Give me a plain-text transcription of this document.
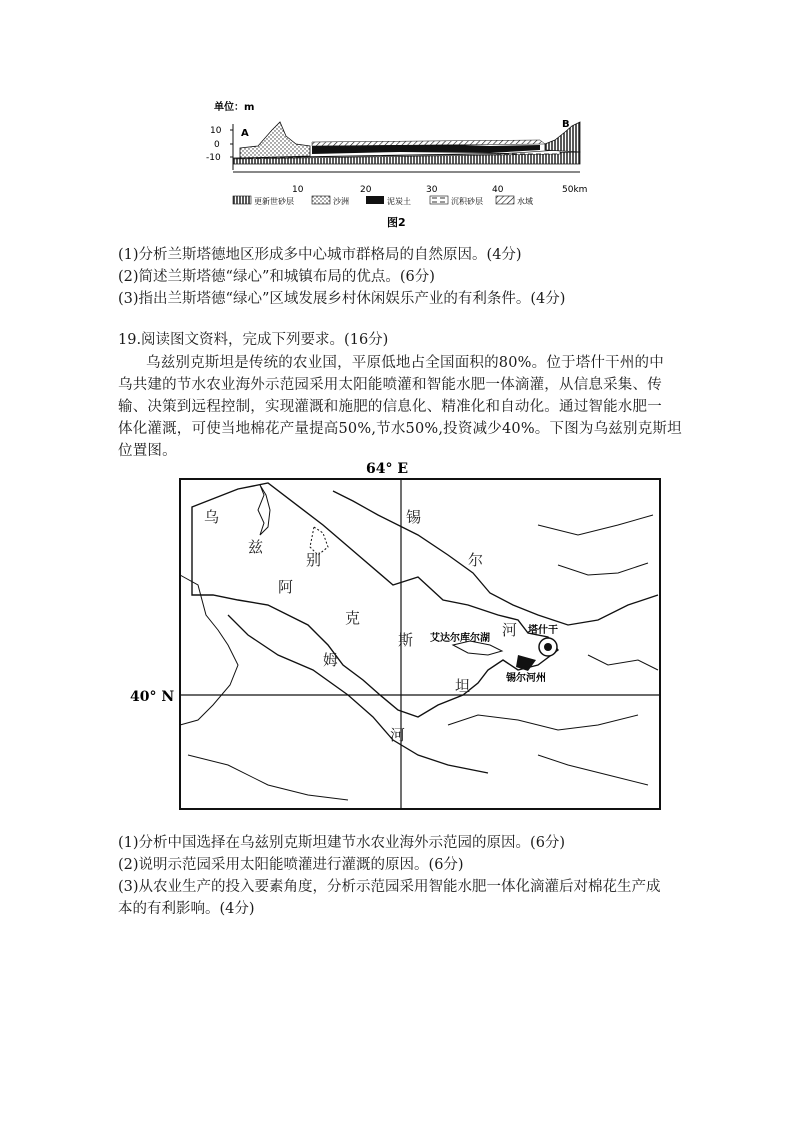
单位：m
10
0
-10
A
B
10	20	30	40	50km
更新世砂层	沙洲	泥炭土	沉积砂层	水域
图2
(1)分析兰斯塔德地区形成多中心城市群格局的自然原因。(4分)
(2)简述兰斯塔德“绿心”和城镇布局的优点。(6分)
(3)指出兰斯塔德“绿心”区域发展乡村休闲娱乐产业的有利条件。(4分)
19.阅读图文资料，完成下列要求。(16分)
乌兹别克斯坦是传统的农业国，平原低地占全国面积的80%。位于塔什干州的中
乌共建的节水农业海外示范园采用太阳能喷灌和智能水肥一体滴灌，从信息采集、传
输、决策到远程控制，实现灌溉和施肥的信息化、精准化和自动化。通过智能水肥一
体化灌溉，可使当地棉花产量提高50%,节水50%,投资减少40%。下图为乌兹别克斯坦
位置图。
64° E
40° N
乌
兹
别
阿
克
斯
姆
坦
河
锡
尔
河
艾达尔库尔湖
塔什干
锡尔河州
(1)分析中国选择在乌兹别克斯坦建节水农业海外示范园的原因。(6分)
(2)说明示范园采用太阳能喷灌进行灌溉的原因。(6分)
(3)从农业生产的投入要素角度，分析示范园采用智能水肥一体化滴灌后对棉花生产成
本的有利影响。(4分)
